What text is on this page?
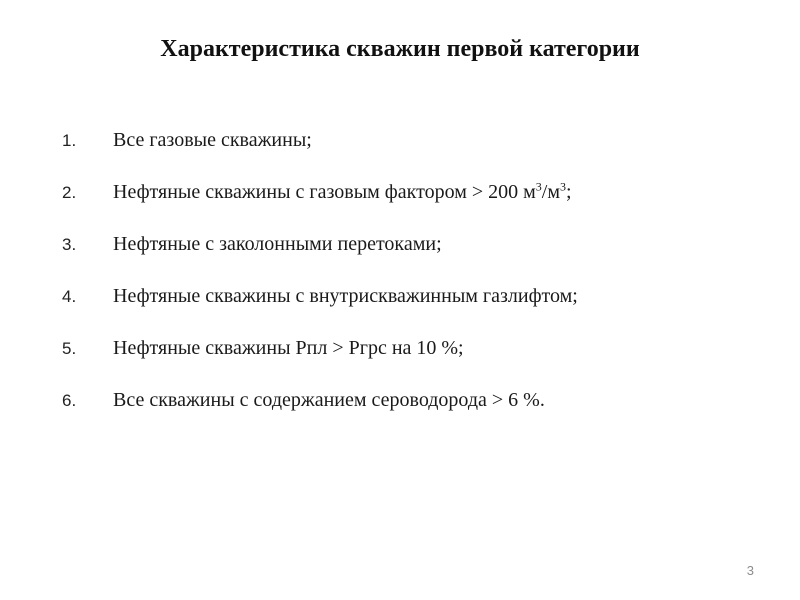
Характеристика скважин первой категории
1. Все газовые скважины;
2. Нефтяные скважины с газовым фактором > 200 $м^3/м^3$;
3. Нефтяные с заколонными перетоками;
4. Нефтяные скважины с внутрискважинным газлифтом;
5. Нефтяные скважины Рпл > Ргрс на 10 %;
6. Все скважины с содержанием сероводорода > 6 %.
3
